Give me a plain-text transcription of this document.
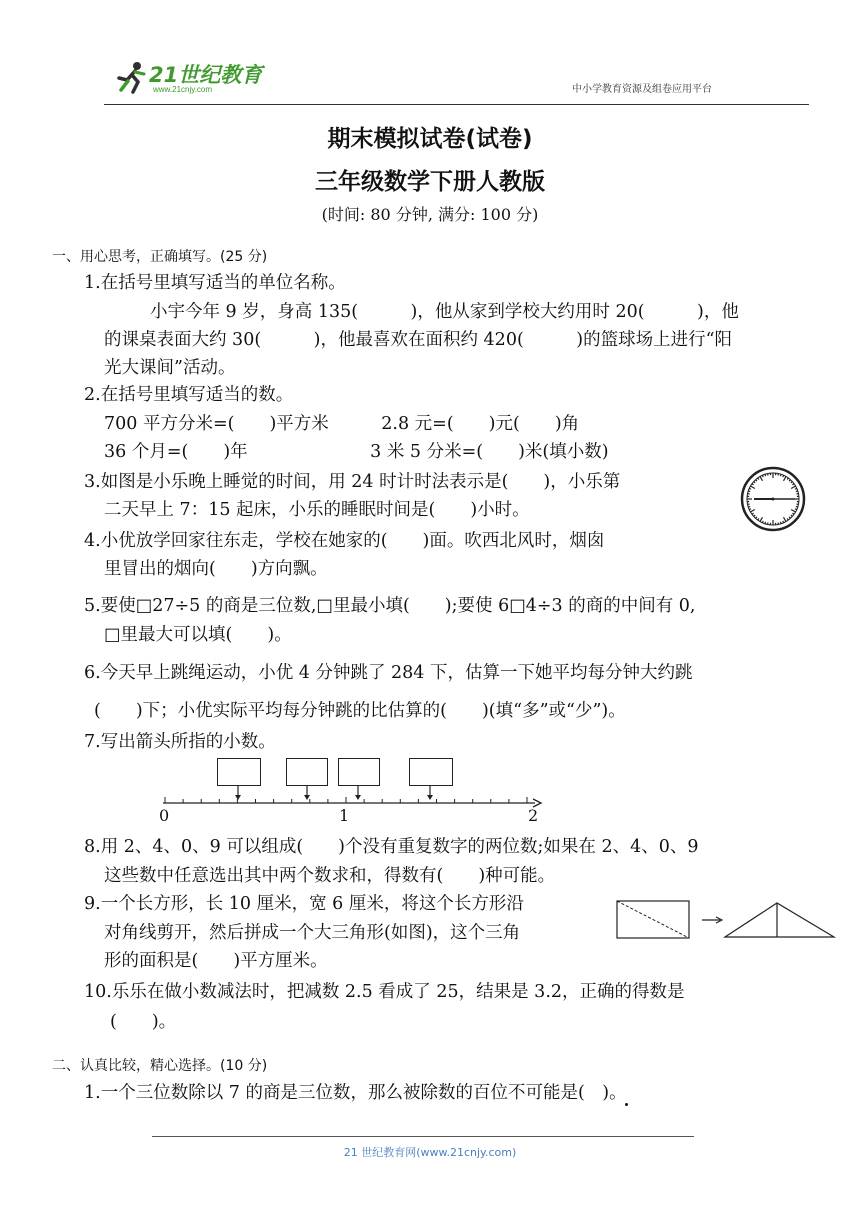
21世纪教育
www.21cnjy.com	中小学教育资源及组卷应用平台
期末模拟试卷(试卷)
三年级数学下册人教版
(时间: 80 分钟, 满分: 100 分)
一、用心思考，正确填写。(25 分)
1.在括号里填写适当的单位名称。
小宇今年 9 岁，身高 135(　　　)，他从家到学校大约用时 20(　　　)，他
的课桌表面大约 30(　　　)，他最喜欢在面积约 420(　　　)的篮球场上进行“阳
光大课间”活动。
2.在括号里填写适当的数。
700 平方分米=(　　)平方米　　　2.8 元=(　　)元(　　)角
36 个月=(　　)年　　　　　　　3 米 5 分米=(　　)米(填小数)
3.如图是小乐晚上睡觉的时间，用 24 时计时法表示是(　　)，小乐第
二天早上 7：15 起床，小乐的睡眠时间是(　　)小时。
4.小优放学回家往东走，学校在她家的(　　)面。吹西北风时，烟囱
里冒出的烟向(　　)方向飘。
5.要使□27÷5 的商是三位数,□里最小填(　　);要使 6□4÷3 的商的中间有 0,
□里最大可以填(　　)。
6.今天早上跳绳运动，小优 4 分钟跳了 284 下，估算一下她平均每分钟大约跳
(　　)下；小优实际平均每分钟跳的比估算的(　　)(填“多”或“少”)。
7.写出箭头所指的小数。
0	1	2
8.用 2、4、0、9 可以组成(　　)个没有重复数字的两位数;如果在 2、4、0、9
这些数中任意选出其中两个数求和，得数有(　　)种可能。
9.一个长方形，长 10 厘米，宽 6 厘米，将这个长方形沿
对角线剪开，然后拼成一个大三角形(如图)，这个三角
形的面积是(　　)平方厘米。
10.乐乐在做小数减法时，把减数 2.5 看成了 25，结果是 3.2，正确的得数是
(　　)。
二、认真比较，精心选择。(10 分)
1.一个三位数除以 7 的商是三位数，那么被除数的百位不可能是(　)。
21 世纪教育网(www.21cnjy.com)
